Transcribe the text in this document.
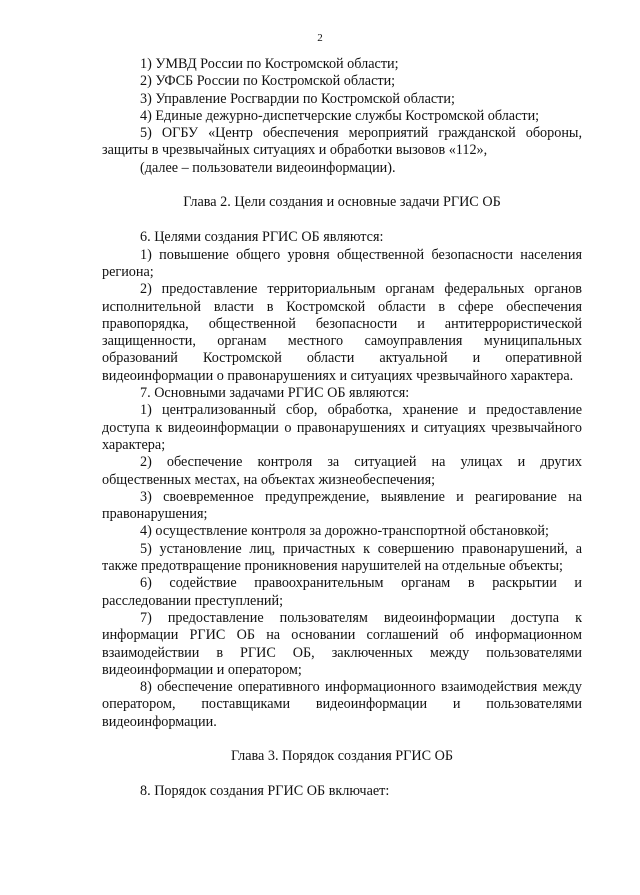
2

1) УМВД России по Костромской области;

2) УФСБ России по Костромской области;

3) Управление Росгвардии по Костромской области;

4) Единые дежурно-диспетчерские службы Костромской области;

5) ОГБУ «Центр обеспечения мероприятий гражданской обороны, защиты в чрезвычайных ситуациях и обработки вызовов «112»,

(далее – пользователи видеоинформации).

Глава 2. Цели создания и основные задачи РГИС ОБ

6. Целями создания РГИС ОБ являются:

1) повышение общего уровня общественной безопасности населения региона;

2) предоставление территориальным органам федеральных органов исполнительной власти в Костромской области в сфере обеспечения правопорядка, общественной безопасности и антитеррористической защищенности, органам местного самоуправления муниципальных образований Костромской области актуальной и оперативной видеоинформации о правонарушениях и ситуациях чрезвычайного характера.

7. Основными задачами РГИС ОБ являются:

1) централизованный сбор, обработка, хранение и предоставление доступа к видеоинформации о правонарушениях и ситуациях чрезвычайного характера;

2) обеспечение контроля за ситуацией на улицах и других общественных местах, на объектах жизнеобеспечения;

3) своевременное предупреждение, выявление и реагирование на правонарушения;

4) осуществление контроля за дорожно-транспортной обстановкой;

5) установление лиц, причастных к совершению правонарушений, а также предотвращение проникновения нарушителей на отдельные объекты;

6) содействие правоохранительным органам в раскрытии и расследовании преступлений;

7) предоставление пользователям видеоинформации доступа к информации РГИС ОБ на основании соглашений об информационном взаимодействии в РГИС ОБ, заключенных между пользователями видеоинформации и оператором;

8) обеспечение оперативного информационного взаимодействия между оператором, поставщиками видеоинформации и пользователями видеоинформации.

Глава 3. Порядок создания РГИС ОБ

8. Порядок создания РГИС ОБ включает:
